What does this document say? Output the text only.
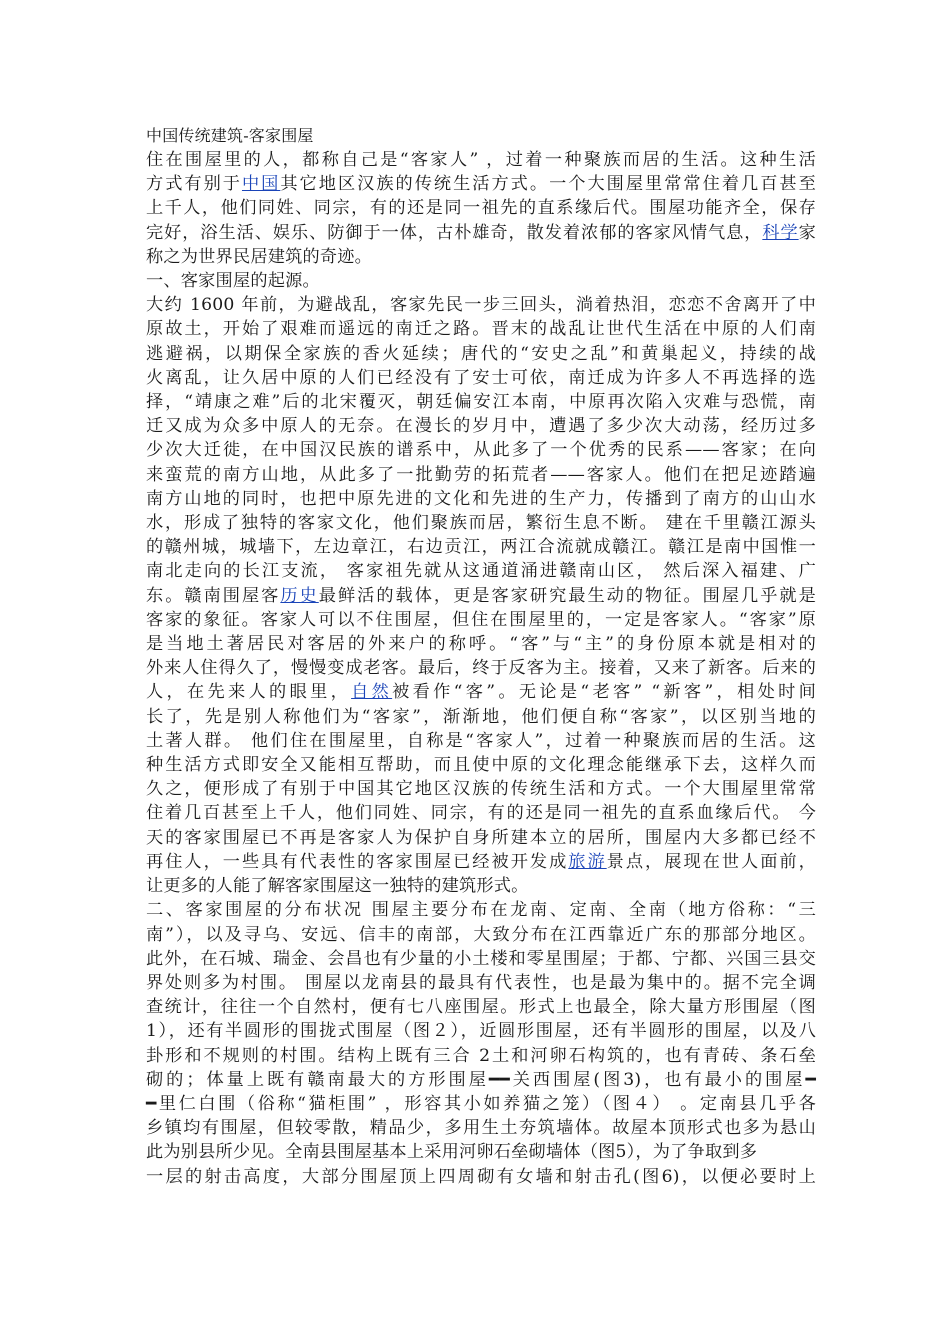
中国传统建筑-客家围屋
住在围屋里的人，都称自己是“客家人” ，过着一种聚族而居的生活。这种生活
方式有别于中国其它地区汉族的传统生活方式。一个大围屋里常常住着几百甚至
上千人，他们同姓、同宗，有的还是同一祖先的直系缘后代。围屋功能齐全，保存
完好，浴生活、娱乐、防御于一体，古朴雄奇，散发着浓郁的客家风情气息，科学家
称之为世界民居建筑的奇迹。
一、客家围屋的起源。
大约 1600 年前，为避战乱，客家先民一步三回头，淌着热泪，恋恋不舍离开了中
原故土，开始了艰难而遥远的南迁之路。晋末的战乱让世代生活在中原的人们南
逃避祸，以期保全家族的香火延续；唐代的“安史之乱”和黄巢起义，持续的战
火离乱，让久居中原的人们已经没有了安士可依，南迁成为许多人不再选择的选
择，“靖康之难”后的北宋覆灭，朝廷偏安江本南，中原再次陷入灾难与恐慌，南
迁又成为众多中原人的无奈。在漫长的岁月中，遭遇了多少次大动荡，经历过多
少次大迁徙，在中国汉民族的谱系中，从此多了一个优秀的民系——客家；在向
来蛮荒的南方山地，从此多了一批勤劳的拓荒者——客家人。他们在把足迹踏遍
南方山地的同时，也把中原先进的文化和先进的生产力，传播到了南方的山山水
水，形成了独特的客家文化，他们聚族而居，繁衍生息不断。 建在千里赣江源头
的赣州城，城墙下，左边章江，右边贡江，两江合流就成赣江。赣江是南中国惟一
南北走向的长江支流， 客家祖先就从这通道涌进赣南山区， 然后深入福建、广
东。赣南围屋客历史最鲜活的载体，更是客家研究最生动的物征。围屋几乎就是
客家的象征。客家人可以不住围屋，但住在围屋里的，一定是客家人。“客家”原
是当地土著居民对客居的外来户的称呼。“客”与“主”的身份原本就是相对的
外来人住得久了，慢慢变成老客。最后，终于反客为主。接着，又来了新客。后来的
人，在先来人的眼里，自然被看作“客”。无论是“老客” “新客”，相处时间
长了，先是别人称他们为“客家”，渐渐地，他们便自称“客家”，以区别当地的
土著人群。 他们住在围屋里，自称是“客家人”，过着一种聚族而居的生活。这
种生活方式即安全又能相互帮助，而且使中原的文化理念能继承下去，这样久而
久之，便形成了有别于中国其它地区汉族的传统生活和方式。一个大围屋里常常
住着几百甚至上千人，他们同姓、同宗，有的还是同一祖先的直系血缘后代。 今
天的客家围屋已不再是客家人为保护自身所建本立的居所，围屋内大多都已经不
再住人，一些具有代表性的客家围屋已经被开发成旅游景点，展现在世人面前，
让更多的人能了解客家围屋这一独特的建筑形式。
二、客家围屋的分布状况 围屋主要分布在龙南、定南、全南（地方俗称：“三
南”），以及寻乌、安远、信丰的南部，大致分布在江西靠近广东的那部分地区。
此外，在石城、瑞金、会昌也有少量的小土楼和零星围屋；于都、宁都、兴国三县交
界处则多为村围。 围屋以龙南县的最具有代表性，也是最为集中的。据不完全调
查统计，往往一个自然村，便有七八座围屋。形式上也最全，除大量方形围屋（图
1），还有半圆形的围拢式围屋（图２），近圆形围屋，还有半圆形的围屋，以及八
卦形和不规则的村围。结构上既有三合 2土和河卵石构筑的，也有青砖、条石垒
砌的；体量上既有赣南最大的方形围屋━━关西围屋(图3)，也有最小的围屋━
━里仁白围（俗称“猫柜围” ，形容其小如养猫之笼）（图４） 。定南县几乎各
乡镇均有围屋，但较零散，精品少，多用生土夯筑墙体。故屋本顶形式也多为悬山
此为别县所少见。全南县围屋基本上采用河卵石垒砌墙体（图5），为了争取到多
一层的射击高度，大部分围屋顶上四周砌有女墙和射击孔(图6)，以便必要时上
